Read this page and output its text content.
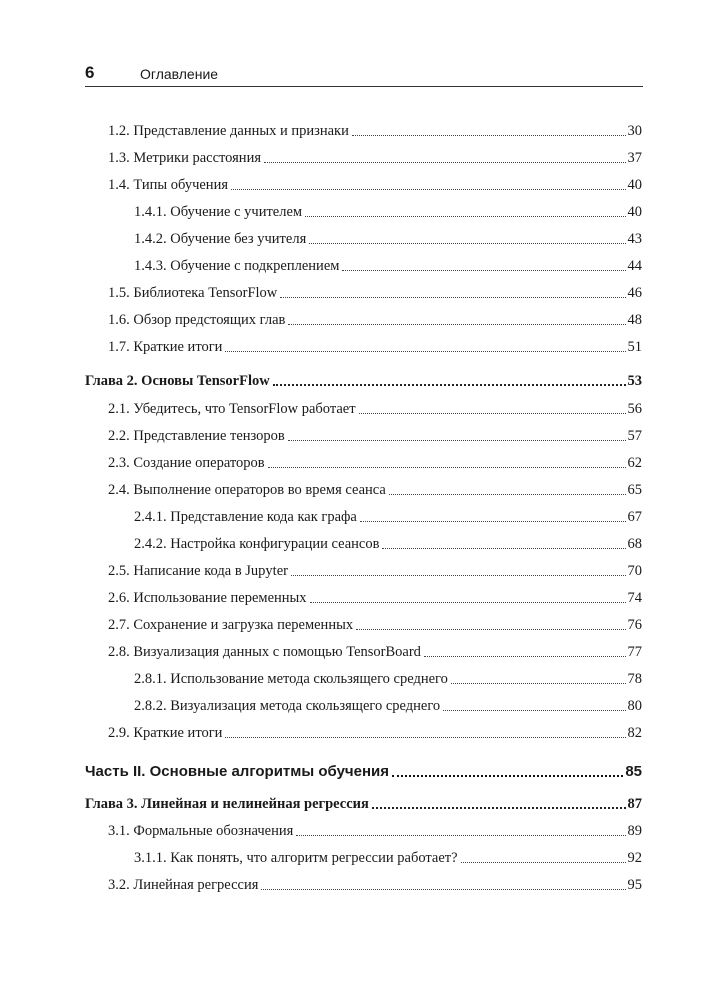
6	Оглавление
1.2. Представление данных и признаки	30
1.3. Метрики расстояния	37
1.4. Типы обучения	40
1.4.1. Обучение с учителем	40
1.4.2. Обучение без учителя	43
1.4.3. Обучение с подкреплением	44
1.5. Библиотека TensorFlow	46
1.6. Обзор предстоящих глав	48
1.7. Краткие итоги	51
Глава 2. Основы TensorFlow	53
2.1. Убедитесь, что TensorFlow работает	56
2.2. Представление тензоров	57
2.3. Создание операторов	62
2.4. Выполнение операторов во время сеанса	65
2.4.1. Представление кода как графа	67
2.4.2. Настройка конфигурации сеансов	68
2.5. Написание кода в Jupyter	70
2.6. Использование переменных	74
2.7. Сохранение и загрузка переменных	76
2.8. Визуализация данных с помощью TensorBoard	77
2.8.1. Использование метода скользящего среднего	78
2.8.2. Визуализация метода скользящего среднего	80
2.9. Краткие итоги	82
Часть II. Основные алгоритмы обучения	85
Глава 3. Линейная и нелинейная регрессия	87
3.1. Формальные обозначения	89
3.1.1. Как понять, что алгоритм регрессии работает?	92
3.2. Линейная регрессия	95
